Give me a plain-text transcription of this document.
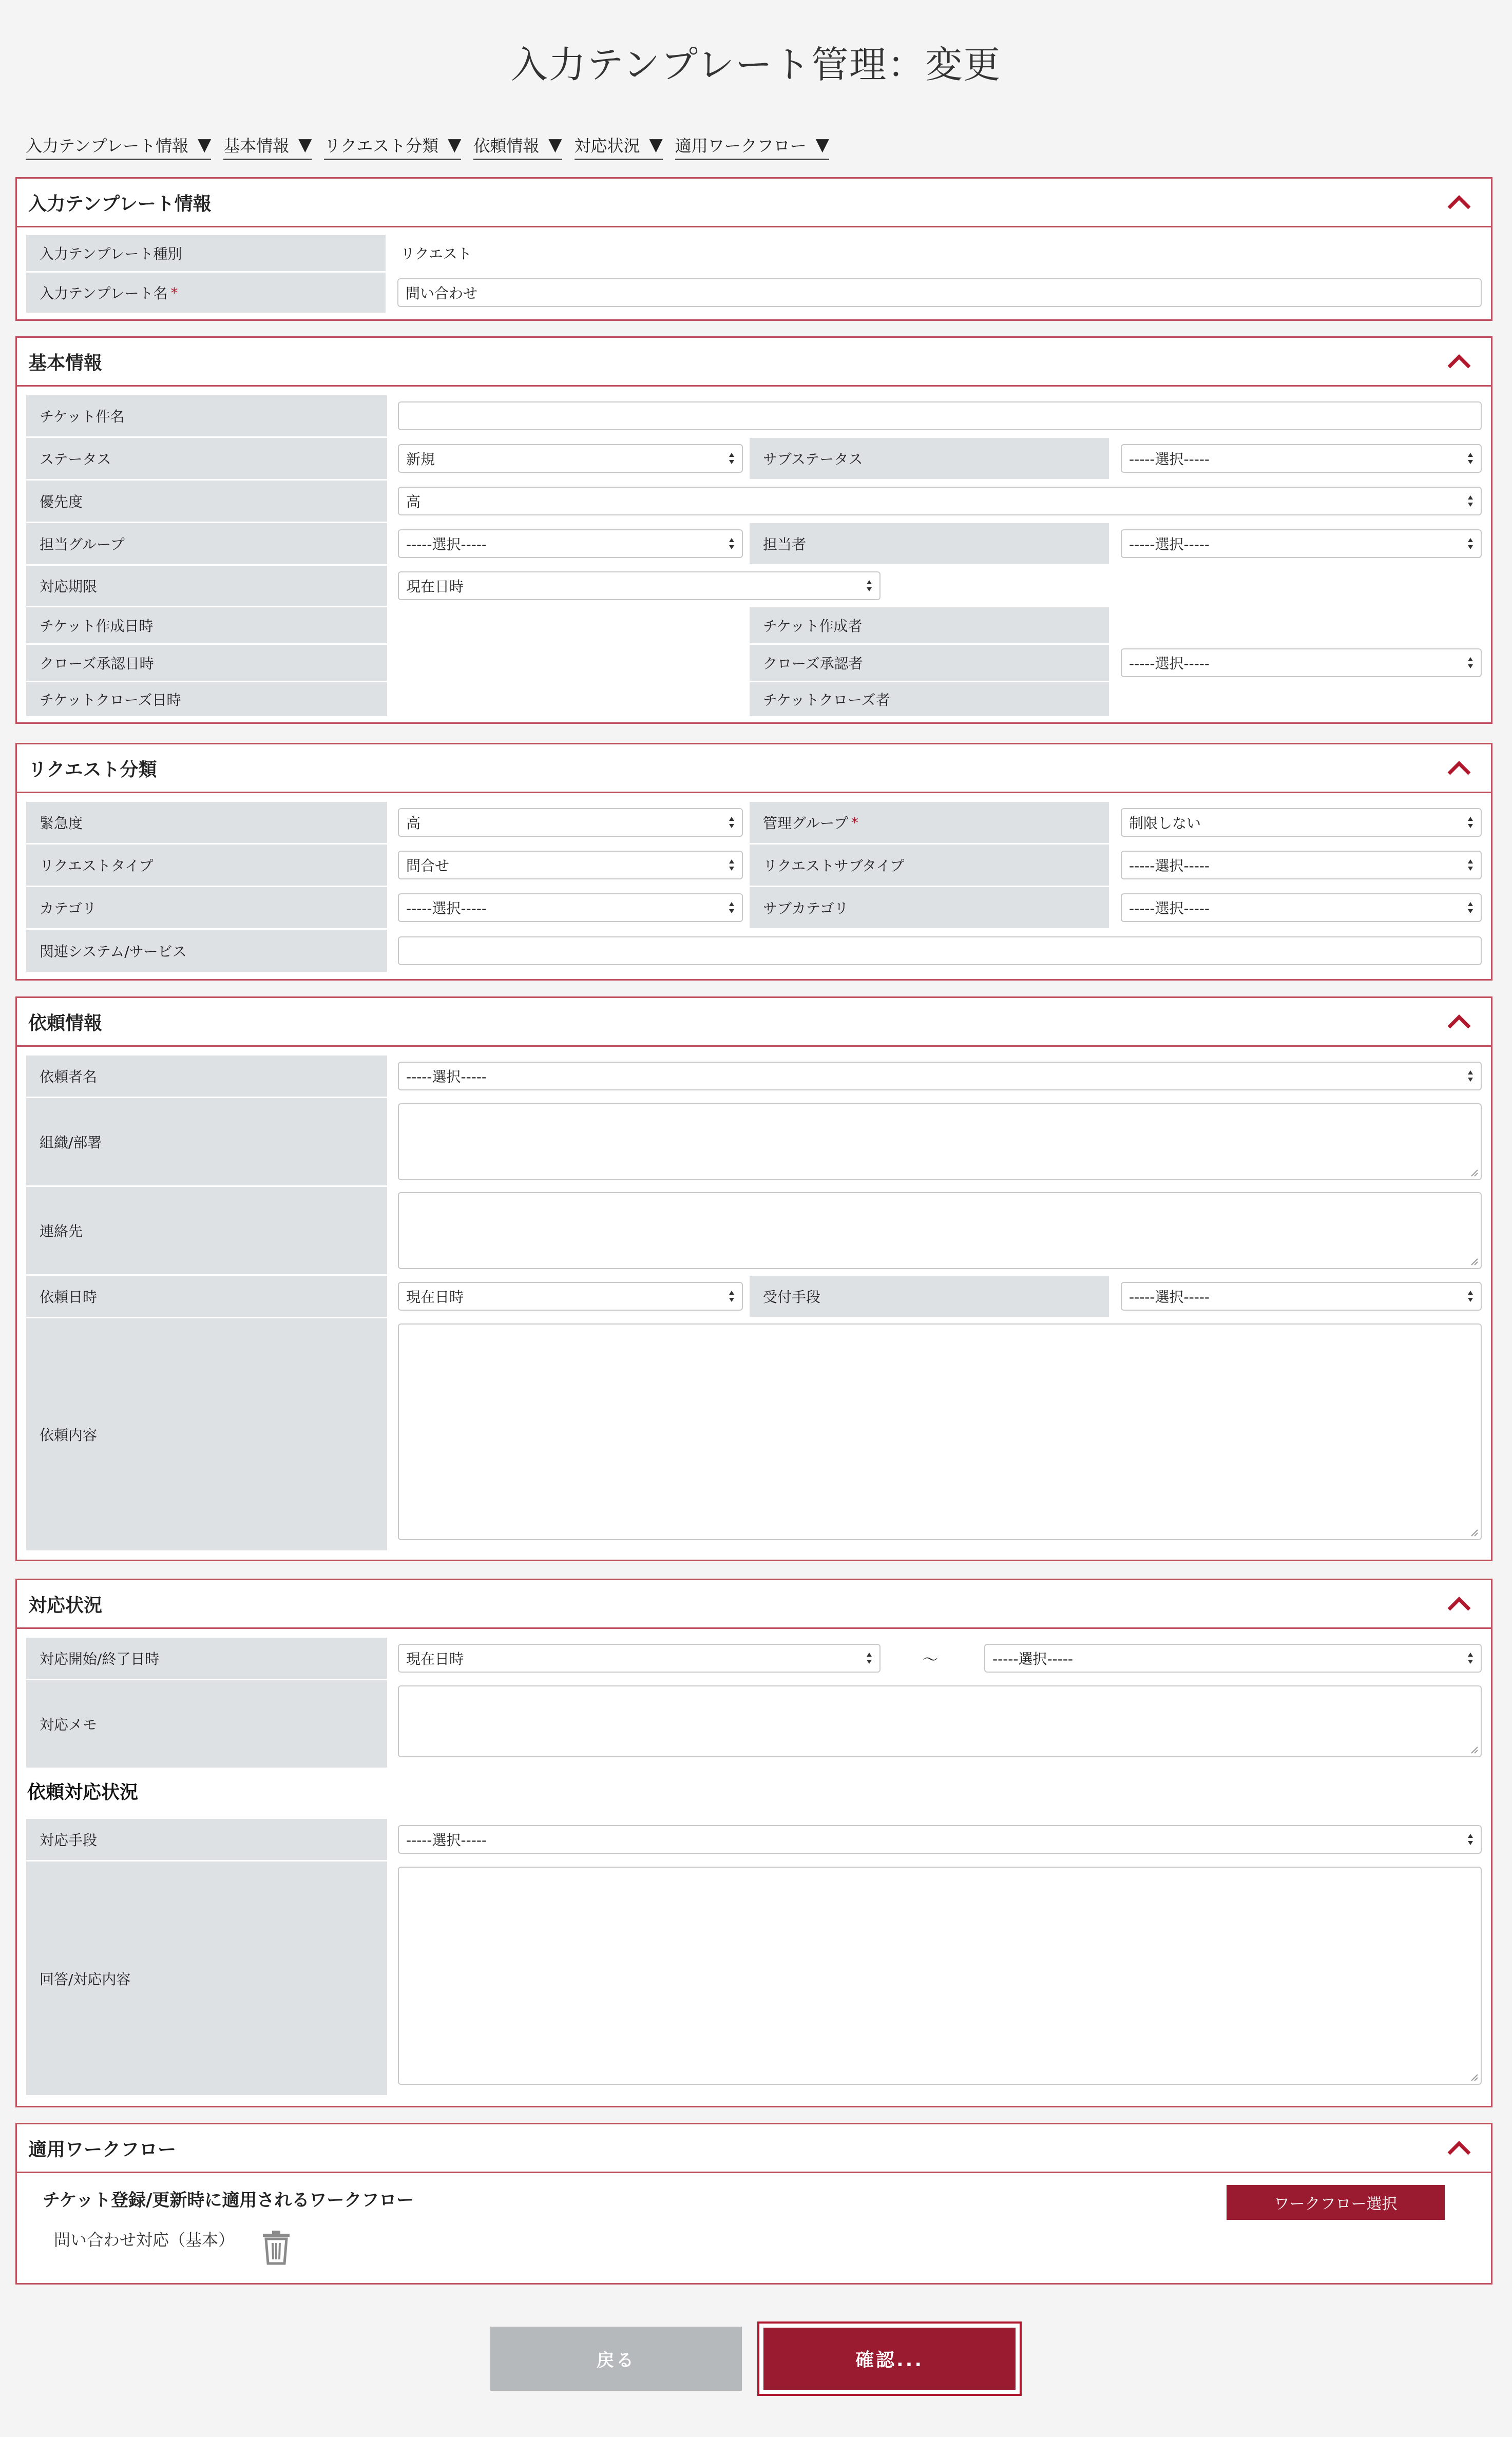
入力テンプレート管理：変更
入力テンプレート情報 ▼ 基本情報 ▼ リクエスト分類 ▼ 依頼情報 ▼ 対応状況 ▼ 適用ワークフロー ▼
入力テンプレート情報
入力テンプレート種別	リクエスト
入力テンプレート名 *	問い合わせ
基本情報
チケット件名
ステータス	新規	サブステータス	-----選択-----
優先度	高
担当グループ	-----選択-----	担当者	-----選択-----
対応期限	現在日時
チケット作成日時	チケット作成者
クローズ承認日時	クローズ承認者	-----選択-----
チケットクローズ日時	チケットクローズ者
リクエスト分類
緊急度	高	管理グループ *	制限しない
リクエストタイプ	問合せ	リクエストサブタイプ	-----選択-----
カテゴリ	-----選択-----	サブカテゴリ	-----選択-----
関連システム/サービス
依頼情報
依頼者名	-----選択-----
組織/部署
連絡先
依頼日時	現在日時	受付手段	-----選択-----
依頼内容
対応状況
対応開始/終了日時	現在日時	〜	-----選択-----
対応メモ
依頼対応状況
対応手段	-----選択-----
回答/対応内容
適用ワークフロー
チケット登録/更新時に適用されるワークフロー	ワークフロー選択
問い合わせ対応（基本）
戻る	確認...
